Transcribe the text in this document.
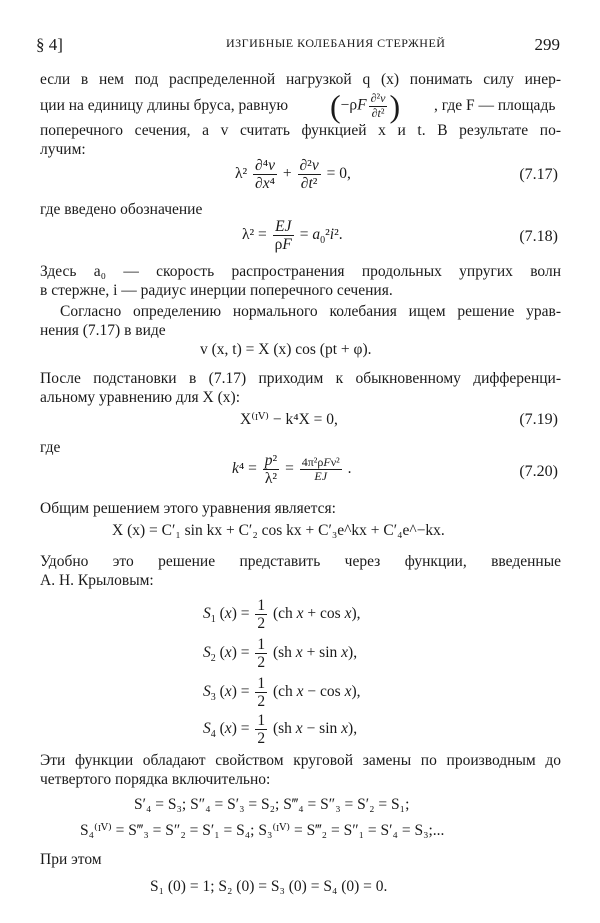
§ 4]	ИЗГИБНЫЕ КОЛЕБАНИЯ СТЕРЖНЕЙ	299
если в нем под распределенной нагрузкой q (x) понимать силу инер-
ции на единицу длины бруса, равную ($-\rho F \frac{\text{∂²v}}{\text{∂t²}}$ ) , где F — площадь
поперечного сечения, а v считать функцией x и t. В результате по-
лучим:
$\lambda^2 \frac{\text{∂⁴v}}{\text{∂x⁴}} + \frac{\text{∂²v}}{\text{∂t²}} = 0$,	(7.17)
где введено обозначение
$\lambda^2 = \frac{EJ}{\rho F} = a_0^2i^2$.	(7.18)
Здесь a₀ — скорость распространения продольных упругих волн
в стержне, i — радиус инерции поперечного сечения.
Согласно определению нормального колебания ищем решение урав-
нения (7.17) в виде
v (x, t) = X (x) cos (pt + φ).
После подстановки в (7.17) приходим к обыкновенному дифференци-
альному уравнению для X (x):
X⁽ᴵⱽ⁾ − k⁴X = 0,	(7.19)
где
$k^4 = \frac{\text{p²}}{\text{λ²}} = \frac{\text{4π²ρFν²}}{EJ}$ .	(7.20)
Общим решением этого уравнения является:
X (x) = C′₁ sin kx + C′₂ cos kx + C′₃e^kx + C′₄e^−kx.
Удобно это решение представить через функции, введенные
А. Н. Крыловым:
$S_1$ $(x) = \frac{1}{2} (ch$ x + cos x),
$S_2$ $(x) = \frac{1}{2} (sh$ x + sin x),
$S_3$ $(x) = \frac{1}{2} (ch$ x − cos x),
$S_4$ $(x) = \frac{1}{2} (sh$ x − sin x),
Эти функции обладают свойством круговой замены по производным до
четвертого порядка включительно:
S′₄ = S₃; S″₄ = S′₃ = S₂; S‴₄ = S″₃ = S′₂ = S₁;
S₄⁽ᴵⱽ⁾ = S‴₃ = S″₂ = S′₁ = S₄; S₃⁽ᴵⱽ⁾ = S‴₂ = S″₁ = S′₄ = S₃;...
При этом
S₁ (0) = 1; S₂ (0) = S₃ (0) = S₄ (0) = 0.
